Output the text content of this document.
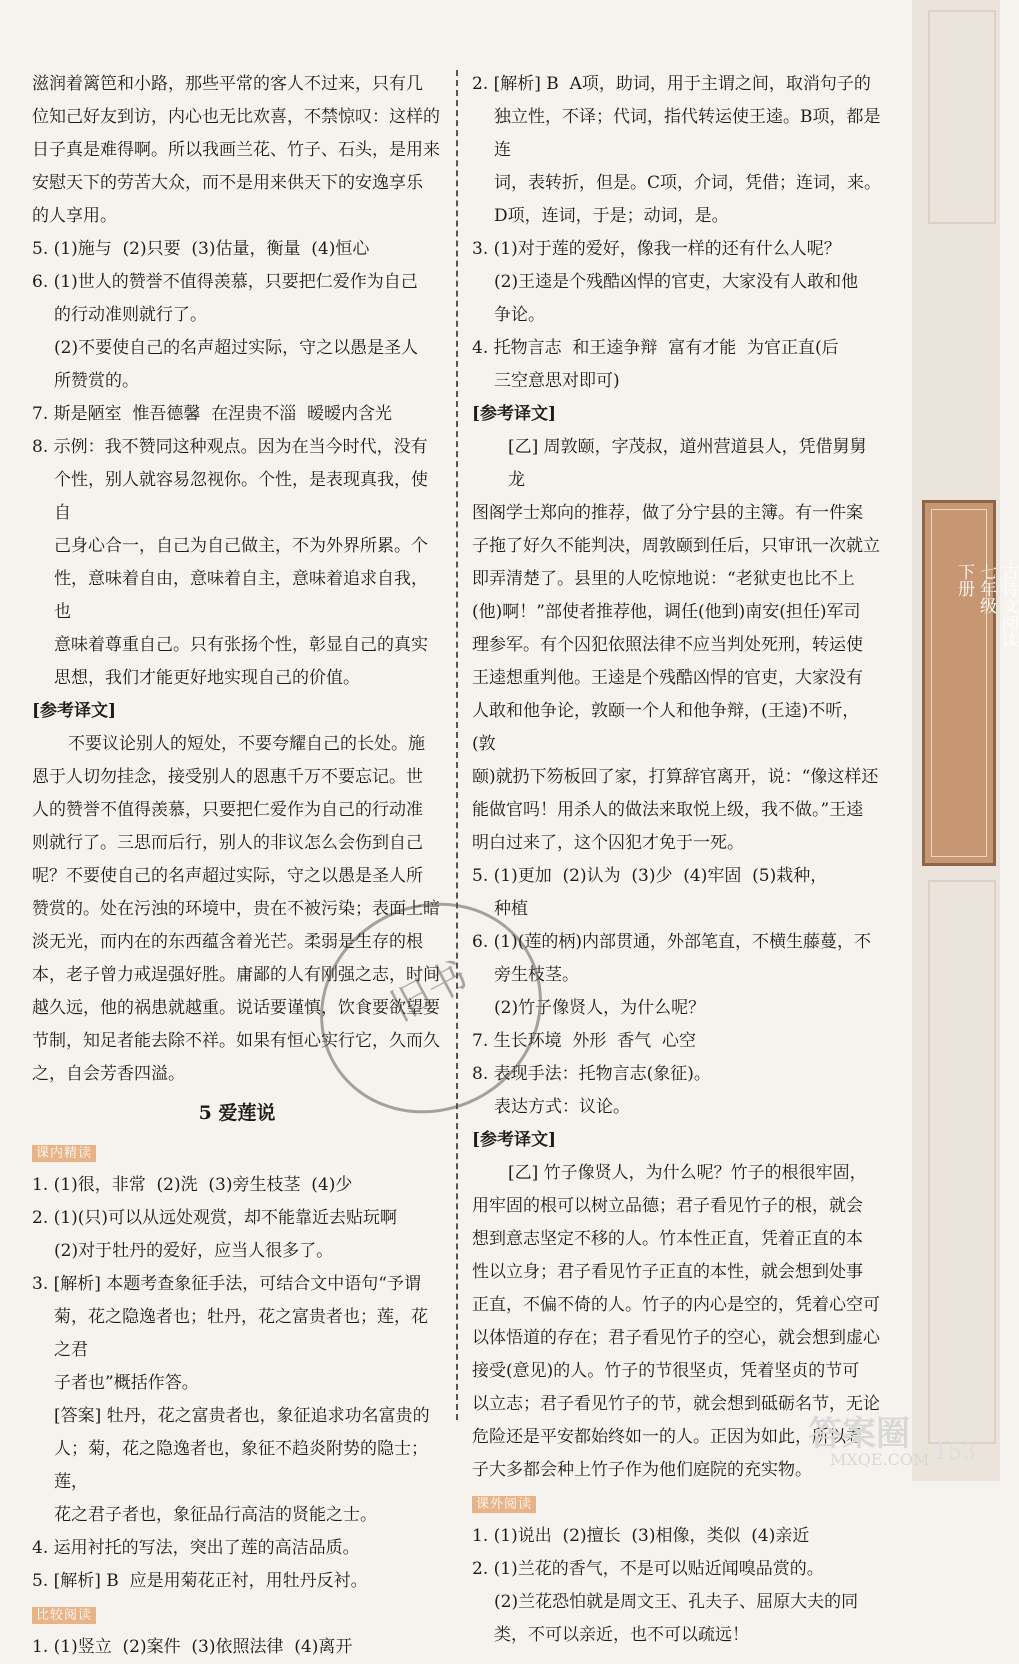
古诗文阅读
七年级
下册
滋润着篱笆和小路，那些平常的客人不过来，只有几
位知己好友到访，内心也无比欢喜，不禁惊叹：这样的
日子真是难得啊。所以我画兰花、竹子、石头，是用来
安慰天下的劳苦大众，而不是用来供天下的安逸享乐
的人享用。
5. (1)施与  (2)只要  (3)估量，衡量  (4)恒心
6. (1)世人的赞誉不值得羡慕，只要把仁爱作为自己
的行动准则就行了。
(2)不要使自己的名声超过实际，守之以愚是圣人
所赞赏的。
7. 斯是陋室  惟吾德馨  在涅贵不淄  暧暧内含光
8. 示例：我不赞同这种观点。因为在当今时代，没有
个性，别人就容易忽视你。个性，是表现真我，使自
己身心合一，自己为自己做主，不为外界所累。个
性，意味着自由，意味着自主，意味着追求自我，也
意味着尊重自己。只有张扬个性，彰显自己的真实
思想，我们才能更好地实现自己的价值。
[参考译文]
不要议论别人的短处，不要夸耀自己的长处。施
恩于人切勿挂念，接受别人的恩惠千万不要忘记。世
人的赞誉不值得羡慕，只要把仁爱作为自己的行动准
则就行了。三思而后行，别人的非议怎么会伤到自己
呢？不要使自己的名声超过实际，守之以愚是圣人所
赞赏的。处在污浊的环境中，贵在不被污染；表面上暗
淡无光，而内在的东西蕴含着光芒。柔弱是生存的根
本，老子曾力戒逞强好胜。庸鄙的人有刚强之志，时间
越久远，他的祸患就越重。说话要谨慎，饮食要欲望要
节制，知足者能去除不祥。如果有恒心实行它，久而久
之，自会芳香四溢。
5 爱莲说
课内精读
1. (1)很，非常  (2)洗  (3)旁生枝茎  (4)少
2. (1)(只)可以从远处观赏，却不能靠近去贴玩啊
(2)对于牡丹的爱好，应当人很多了。
3. [解析] 本题考查象征手法，可结合文中语句“予谓
菊，花之隐逸者也；牡丹，花之富贵者也；莲，花之君
子者也”概括作答。
[答案] 牡丹，花之富贵者也，象征追求功名富贵的
人；菊，花之隐逸者也，象征不趋炎附势的隐士；莲，
花之君子者也，象征品行高洁的贤能之士。
4. 运用衬托的写法，突出了莲的高洁品质。
5. [解析] B  应是用菊花正衬，用牡丹反衬。
比较阅读
1. (1)竖立  (2)案件  (3)依照法律  (4)离开
2. [解析] B  A项，助词，用于主谓之间，取消句子的
独立性，不译；代词，指代转运使王逵。B项，都是连
词，表转折，但是。C项，介词，凭借；连词，来。
D项，连词，于是；动词，是。
3. (1)对于莲的爱好，像我一样的还有什么人呢？
(2)王逵是个残酷凶悍的官吏，大家没有人敢和他
争论。
4. 托物言志  和王逵争辩  富有才能  为官正直(后
三空意思对即可)
[参考译文]
[乙] 周敦颐，字茂叔，道州营道县人，凭借舅舅龙
图阁学士郑向的推荐，做了分宁县的主簿。有一件案
子拖了好久不能判决，周敦颐到任后，只审讯一次就立
即弄清楚了。县里的人吃惊地说：“老狱吏也比不上
(他)啊！”部使者推荐他，调任(他到)南安(担任)军司
理参军。有个囚犯依照法律不应当判处死刑，转运使
王逵想重判他。王逵是个残酷凶悍的官吏，大家没有
人敢和他争论，敦颐一个人和他争辩，(王逵)不听，(敦
颐)就扔下笏板回了家，打算辞官离开，说：“像这样还
能做官吗！用杀人的做法来取悦上级，我不做。”王逵
明白过来了，这个囚犯才免于一死。
5. (1)更加  (2)认为  (3)少  (4)牢固  (5)栽种，
种植
6. (1)(莲的柄)内部贯通，外部笔直，不横生藤蔓，不
旁生枝茎。
(2)竹子像贤人，为什么呢？
7. 生长环境  外形  香气  心空
8. 表现手法：托物言志(象征)。
表达方式：议论。
[参考译文]
[乙] 竹子像贤人，为什么呢？竹子的根很牢固，
用牢固的根可以树立品德；君子看见竹子的根，就会
想到意志坚定不移的人。竹本性正直，凭着正直的本
性以立身；君子看见竹子正直的本性，就会想到处事
正直，不偏不倚的人。竹子的内心是空的，凭着心空可
以体悟道的存在；君子看见竹子的空心，就会想到虚心
接受(意见)的人。竹子的节很坚贞，凭着坚贞的节可
以立志；君子看见竹子的节，就会想到砥砺名节，无论
危险还是平安都始终如一的人。正因为如此，所以君
子大多都会种上竹子作为他们庭院的充实物。
课外阅读
1. (1)说出  (2)擅长  (3)相像，类似  (4)亲近
2. (1)兰花的香气，不是可以贴近闻嗅品赏的。
(2)兰花恐怕就是周文王、孔夫子、屈原大夫的同
类，不可以亲近，也不可以疏远！
旧书
答案圈
MXQE.COM 153
